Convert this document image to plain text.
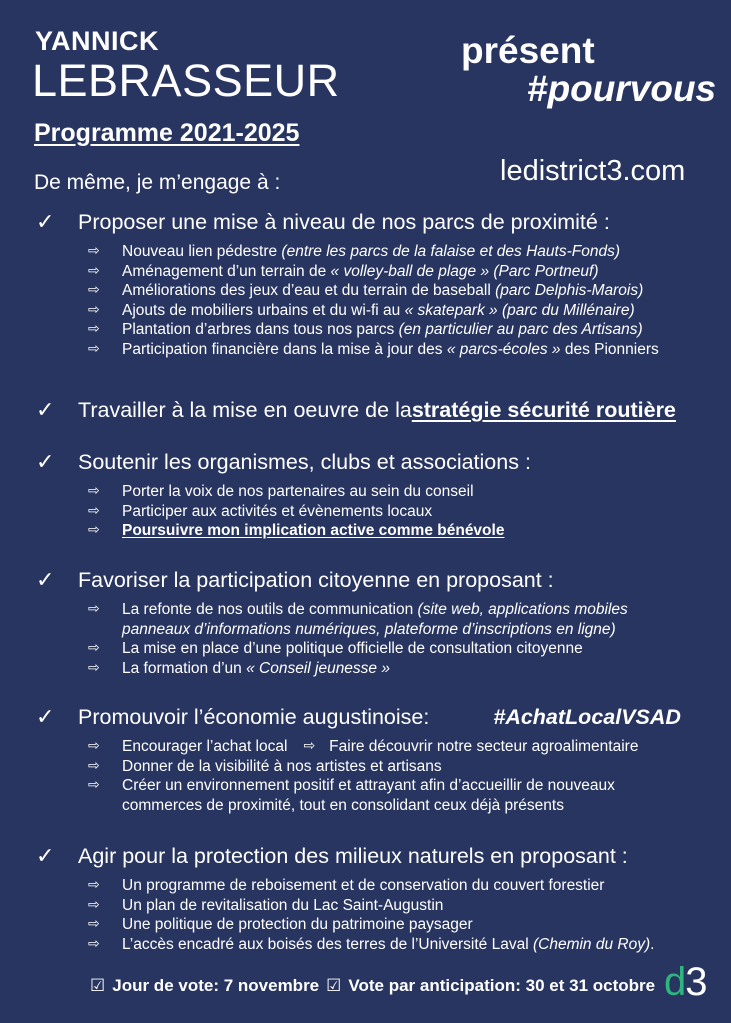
YANNICK
LEBRASSEUR
présent
#pourvous
Programme 2021-2025
ledistrict3.com
De même, je m’engage à :
✓	Proposer une mise à niveau de nos parcs de proximité :
⇨	Nouveau lien pédestre (entre les parcs de la falaise et des Hauts-Fonds)
⇨	Aménagement d’un terrain de « volley-ball de plage » (Parc Portneuf)
⇨	Améliorations des jeux d’eau et du terrain de baseball (parc Delphis-Marois)
⇨	Ajouts de mobiliers urbains et du wi-fi au « skatepark » (parc du Millénaire)
⇨	Plantation d’arbres dans tous nos parcs (en particulier au parc des Artisans)
⇨	Participation financière dans la mise à jour des « parcs-écoles » des Pionniers
✓	Travailler à la mise en oeuvre de la stratégie sécurité routière
✓	Soutenir les organismes, clubs et associations :
⇨	Porter la voix de nos partenaires au sein du conseil
⇨	Participer aux activités et évènements locaux
⇨	Poursuivre mon implication active comme bénévole
✓	Favoriser la participation citoyenne en proposant :
⇨	La refonte de nos outils de communication (site web, applications mobiles
panneaux d’informations numériques, plateforme d’inscriptions en ligne)
⇨	La mise en place d’une politique officielle de consultation citoyenne
⇨	La formation d’un « Conseil jeunesse »
✓	Promouvoir l’économie augustinoise:	#AchatLocalVSAD
⇨	Encourager l’achat local ⇨ Faire découvrir notre secteur agroalimentaire
⇨	Donner de la visibilité à nos artistes et artisans
⇨	Créer un environnement positif et attrayant afin d’accueillir de nouveaux
commerces de proximité, tout en consolidant ceux déjà présents
✓	Agir pour la protection des milieux naturels en proposant :
⇨	Un programme de reboisement et de conservation du couvert forestier
⇨	Un plan de revitalisation du Lac Saint-Augustin
⇨	Une politique de protection du patrimoine paysager
⇨	L’accès encadré aux boisés des terres de l’Université Laval (Chemin du Roy).
☑ Jour de vote: 7 novembre ☑ Vote par anticipation: 30 et 31 octobre d3
